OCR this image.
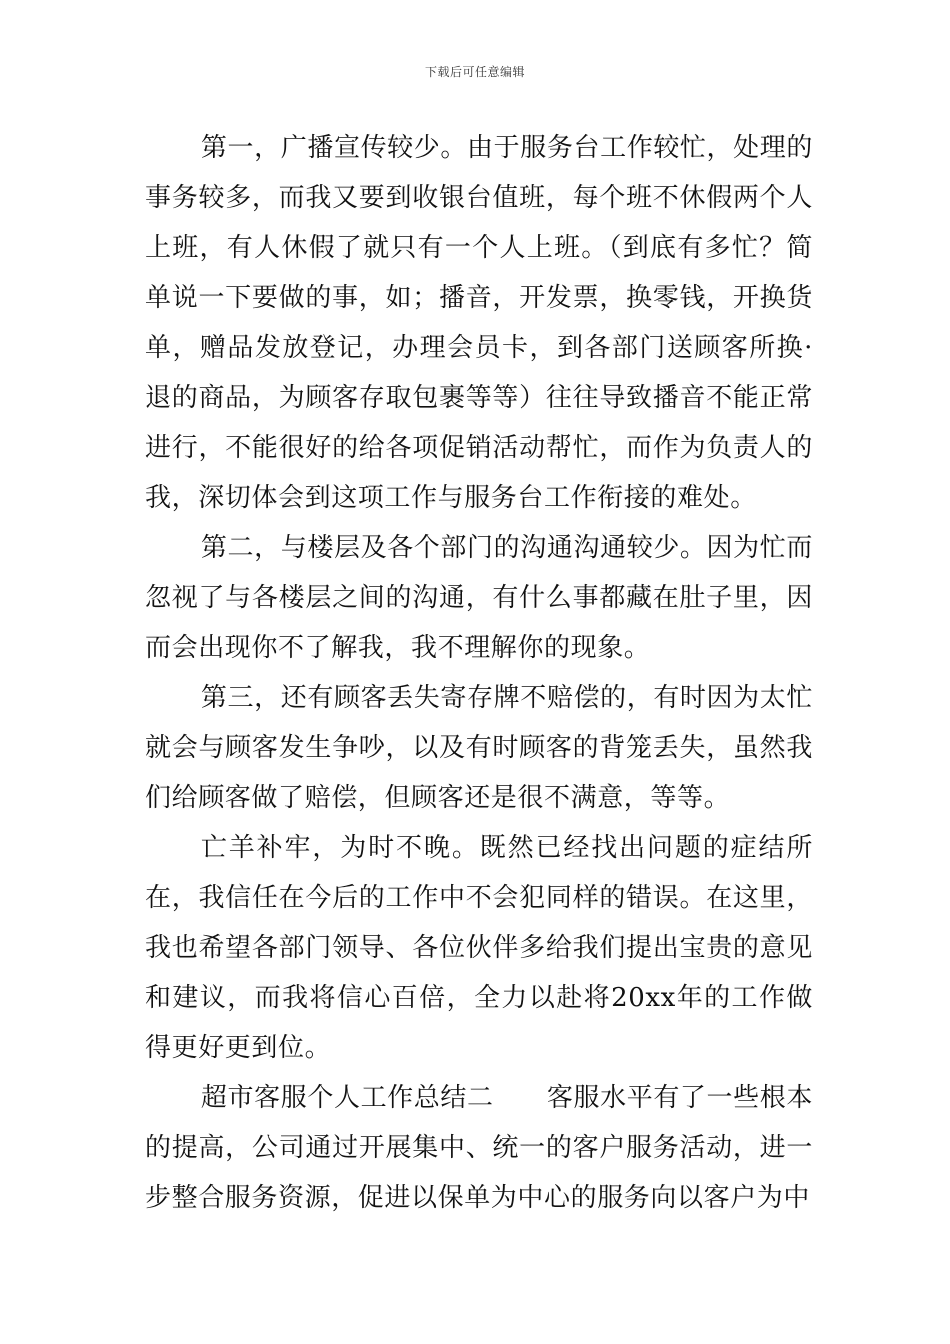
下载后可任意编辑

第一，广播宣传较少。由于服务台工作较忙，处理的事务较多，而我又要到收银台值班，每个班不休假两个人上班，有人休假了就只有一个人上班。（到底有多忙？简单说一下要做的事，如；播音，开发票，换零钱，开换货单，赠品发放登记，办理会员卡，到各部门送顾客所换·退的商品，为顾客存取包裹等等）往往导致播音不能正常进行，不能很好的给各项促销活动帮忙，而作为负责人的我，深切体会到这项工作与服务台工作衔接的难处。

第二，与楼层及各个部门的沟通沟通较少。因为忙而忽视了与各楼层之间的沟通，有什么事都藏在肚子里，因而会出现你不了解我，我不理解你的现象。

第三，还有顾客丢失寄存牌不赔偿的，有时因为太忙就会与顾客发生争吵，以及有时顾客的背笼丢失，虽然我们给顾客做了赔偿，但顾客还是很不满意，等等。

亡羊补牢，为时不晚。既然已经找出问题的症结所在，我信任在今后的工作中不会犯同样的错误。在这里，我也希望各部门领导、各位伙伴多给我们提出宝贵的意见和建议，而我将信心百倍，全力以赴将20xx年的工作做得更好更到位。

超市客服个人工作总结二　　客服水平有了一些根本的提高，公司通过开展集中、统一的客户服务活动，进一步整合服务资源，促进以保单为中心的服务向以客户为中
